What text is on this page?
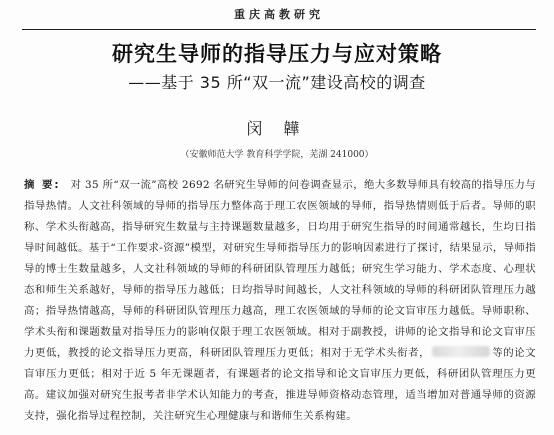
重庆高教研究
研究生导师的指导压力与应对策略
——基于 35 所“双一流”建设高校的调查
闵 韡
（安徽师范大学 教育科学学院，芜湖 241000）
摘 要: 对 35 所“双一流”高校 2692 名研究生导师的问卷调查显示，绝大多数导师具有较高的指导压力与指导热情。人文社科领域的导师的指导压力整体高于理工农医领域的导师，指导热情则低于后者。导师的职称、学术头衔越高，指导研究生数量与主持课题数量越多，日均用于研究生指导的时间通常越长，生均日指导时间越低。基于“工作要求-资源”模型，对研究生导师指导压力的影响因素进行了探讨，结果显示，导师指导的博士生数量越多，人文社科领域的导师的科研团队管理压力越低；研究生学习能力、学术态度、心理状态和师生关系越好，导师的指导压力越低；日均指导时间越长，人文社科领域的导师的科研团队管理压力越高；指导热情越高，导师的科研团队管理压力越高，理工农医领域的导师的论文盲审压力越低。导师职称、学术头衔和课题数量对指导压力的影响仅限于理工农医领域。相对于副教授，讲师的论文指导和论文盲审压力更低，教授的论文指导压力更高，科研团队管理压力更低；相对于无学术头衔者，	等的论文盲审压力更低；相对于近 5 年无课题者，有课题者的论文指导和论文盲审压力更低，科研团队管理压力更高。建议加强对研究生报考者非学术认知能力的考查，推进导师资格动态管理，适当增加对普通导师的资源支持，强化指导过程控制，关注研究生心理健康与和谐师生关系构建。
